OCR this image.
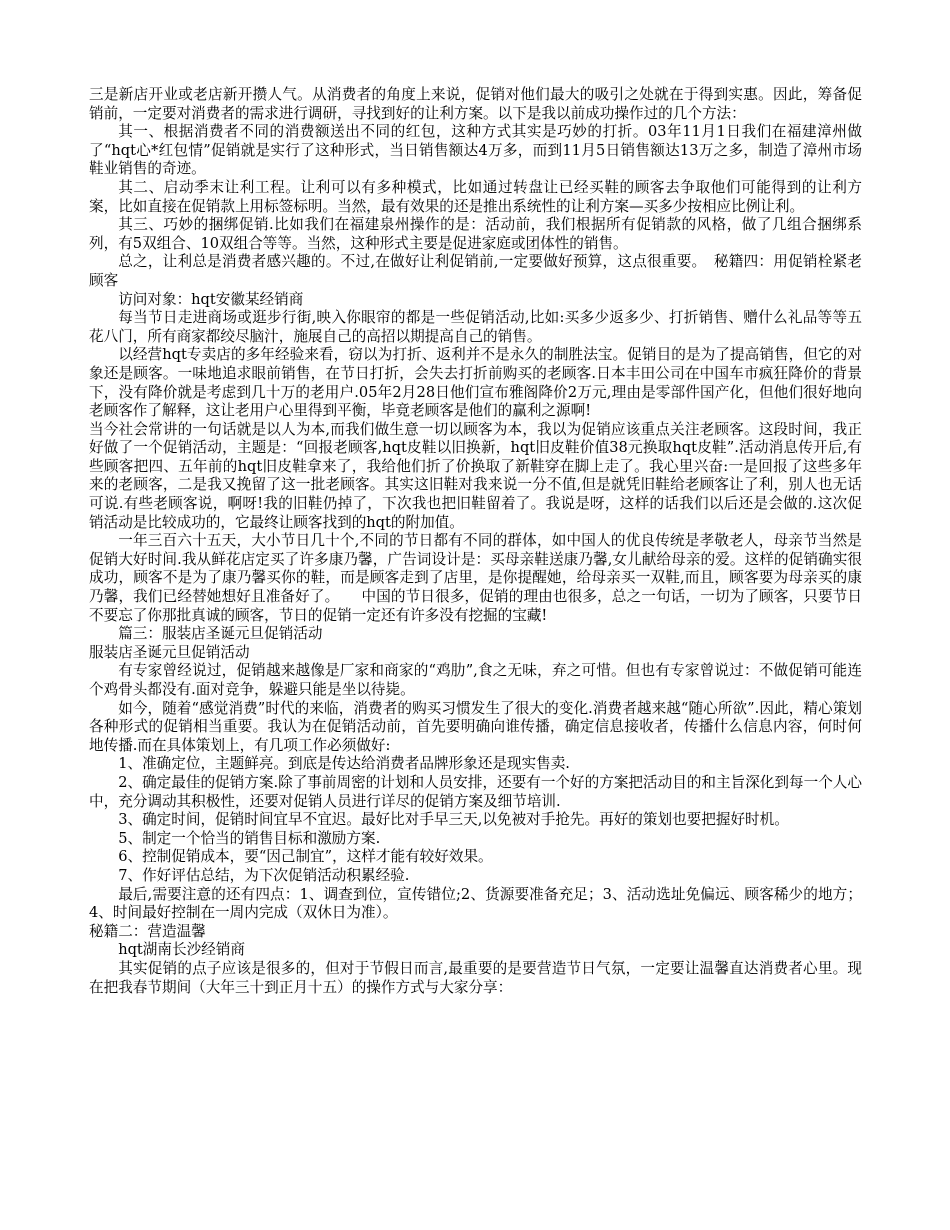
三是新店开业或老店新开攒人气。从消费者的角度上来说，促销对他们最大的吸引之处就在于得到实惠。因此，筹备促销前，一定要对消费者的需求进行调研，寻找到好的让利方案。以下是我以前成功操作过的几个方法：

其一、根据消费者不同的消费额送出不同的红包，这种方式其实是巧妙的打折。03年11月1日我们在福建漳州做了“hqt心*红包情”促销就是实行了这种形式，当日销售额达4万多，而到11月5日销售额达13万之多，制造了漳州市场鞋业销售的奇迹。

其二、启动季末让利工程。让利可以有多种模式，比如通过转盘让已经买鞋的顾客去争取他们可能得到的让利方案，比如直接在促销款上用标签标明。当然，最有效果的还是推出系统性的让利方案—买多少按相应比例让利。

其三、巧妙的捆绑促销.比如我们在福建泉州操作的是：活动前，我们根据所有促销款的风格，做了几组合捆绑系列，有5双组合、10双组合等等。当然，这种形式主要是促进家庭或团体性的销售。

总之，让利总是消费者感兴趣的。不过,在做好让利促销前,一定要做好预算，这点很重要。　秘籍四：用促销栓紧老顾客

访问对象：hqt安徽某经销商

每当节日走进商场或逛步行街,映入你眼帘的都是一些促销活动,比如:买多少返多少、打折销售、赠什么礼品等等五花八门，所有商家都绞尽脑汁，施展自己的高招以期提高自己的销售。

以经营hqt专卖店的多年经验来看，窃以为打折、返利并不是永久的制胜法宝。促销目的是为了提高销售，但它的对象还是顾客。一味地追求眼前销售，在节日打折，会失去打折前购买的老顾客.日本丰田公司在中国车市疯狂降价的背景下，没有降价就是考虑到几十万的老用户.05年2月28日他们宣布雅阁降价2万元,理由是零部件国产化，但他们很好地向老顾客作了解释，这让老用户心里得到平衡，毕竟老顾客是他们的赢利之源啊!

当今社会常讲的一句话就是以人为本,而我们做生意一切以顾客为本，我以为促销应该重点关注老顾客。这段时间，我正好做了一个促销活动，主题是：“回报老顾客,hqt皮鞋以旧换新，hqt旧皮鞋价值38元换取hqt皮鞋”.活动消息传开后,有些顾客把四、五年前的hqt旧皮鞋拿来了，我给他们折了价换取了新鞋穿在脚上走了。我心里兴奋:一是回报了这些多年来的老顾客，二是我又挽留了这一批老顾客。其实这旧鞋对我来说一分不值,但是就凭旧鞋给老顾客让了利，别人也无话可说.有些老顾客说，啊呀!我的旧鞋仍掉了，下次我也把旧鞋留着了。我说是呀，这样的话我们以后还是会做的.这次促销活动是比较成功的，它最终让顾客找到的hqt的附加值。

一年三百六十五天，大小节日几十个,不同的节日都有不同的群体，如中国人的优良传统是孝敬老人，母亲节当然是促销大好时间.我从鲜花店定买了许多康乃馨，广告词设计是：买母亲鞋送康乃馨,女儿献给母亲的爱。这样的促销确实很成功，顾客不是为了康乃馨买你的鞋，而是顾客走到了店里，是你提醒她，给母亲买一双鞋,而且，顾客要为母亲买的康乃馨，我们已经替她想好且准备好了。　　中国的节日很多，促销的理由也很多，总之一句话，一切为了顾客，只要节日不要忘了你那批真诚的顾客，节日的促销一定还有许多没有挖掘的宝藏!

篇三：服装店圣诞元旦促销活动

服装店圣诞元旦促销活动

有专家曾经说过，促销越来越像是厂家和商家的“鸡肋”,食之无味，弃之可惜。但也有专家曾说过：不做促销可能连个鸡骨头都没有.面对竞争，躲避只能是坐以待毙。

如今，随着“感觉消费”时代的来临，消费者的购买习惯发生了很大的变化.消费者越来越“随心所欲”.因此，精心策划各种形式的促销相当重要。我认为在促销活动前，首先要明确向谁传播，确定信息接收者，传播什么信息内容，何时何地传播.而在具体策划上，有几项工作必须做好:

1、准确定位，主题鲜亮。到底是传达给消费者品牌形象还是现实售卖.

2、确定最佳的促销方案.除了事前周密的计划和人员安排，还要有一个好的方案把活动目的和主旨深化到每一个人心中，充分调动其积极性，还要对促销人员进行详尽的促销方案及细节培训.

3、确定时间，促销时间宜早不宜迟。最好比对手早三天,以免被对手抢先。再好的策划也要把握好时机。

5、制定一个恰当的销售目标和激励方案.

6、控制促销成本，要“因己制宜”，这样才能有较好效果。

7、作好评估总结，为下次促销活动积累经验.

最后,需要注意的还有四点：1、调查到位，宣传错位;2、货源要准备充足；3、活动选址免偏远、顾客稀少的地方；4、时间最好控制在一周内完成（双休日为准）。

秘籍二：营造温馨

hqt湖南长沙经销商

其实促销的点子应该是很多的，但对于节假日而言,最重要的是要营造节日气氛，一定要让温馨直达消费者心里。现在把我春节期间（大年三十到正月十五）的操作方式与大家分享：
